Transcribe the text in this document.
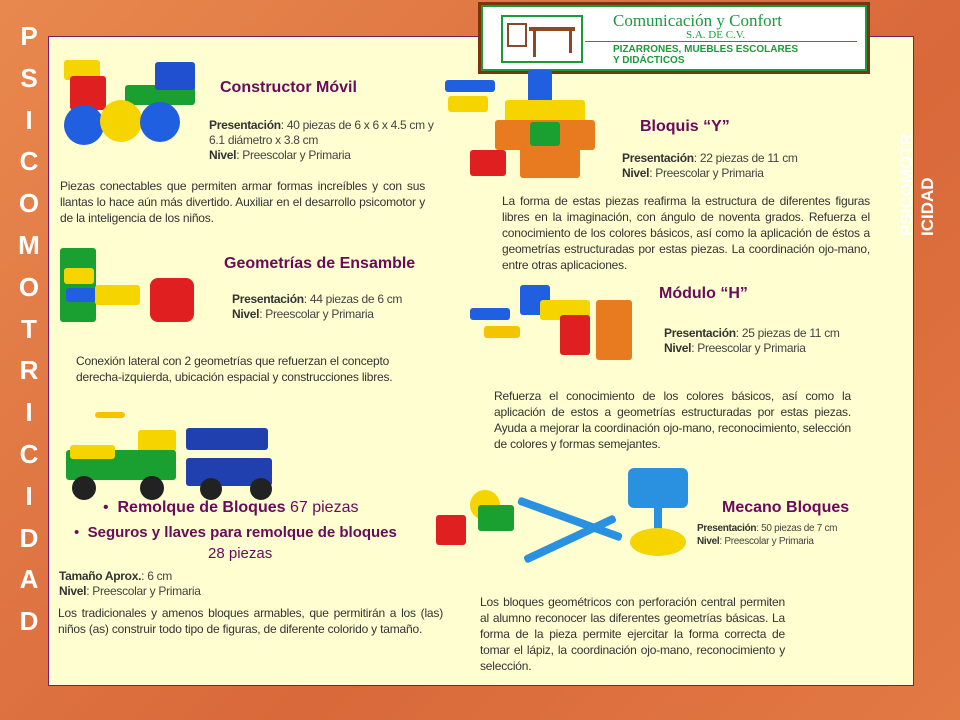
P
S
I
C
O
M
O
T
R
I
C
I
D
A
D
PSICOMOTR ICIDAD
Comunicación y Confort
S.A. DE C.V.
PIZARRONES, MUEBLES ESCOLARES
Y DIDÁCTICOS
Constructor Móvil
Presentación: 40 piezas de 6 x 6 x 4.5 cm y 6.1 diámetro x 3.8 cm
Nivel: Preescolar y Primaria
Piezas conectables que permiten armar formas increíbles y con sus llantas lo hace aún más divertido. Auxiliar en el desarrollo psicomotor y de la inteligencia de los niños.
Geometrías de Ensamble
Presentación: 44 piezas de 6 cm
Nivel: Preescolar y Primaria
Conexión lateral con 2 geometrías que refuerzan el concepto derecha-izquierda, ubicación espacial y construcciones libres.
•  Remolque de Bloques 67 piezas
•  Seguros y llaves para remolque de bloques
28 piezas
Tamaño Aprox.: 6 cm
Nivel: Preescolar y Primaria
Los tradicionales y amenos bloques armables, que permitirán a los (las) niños (as) construir todo tipo de figuras, de diferente colorido y tamaño.
Bloquis “Y”
Presentación: 22 piezas de 11 cm
Nivel: Preescolar y Primaria
La forma de estas piezas reafirma la estructura de diferentes figuras libres en la imaginación, con ángulo de noventa grados. Refuerza el conocimiento de los colores básicos, así como la aplicación de éstos a geometrías estructuradas por estas piezas. La coordinación ojo-mano, entre otras aplicaciones.
Módulo “H”
Presentación: 25 piezas de 11 cm
Nivel: Preescolar y Primaria
Refuerza el conocimiento de los colores básicos, así como la aplicación de estos a geometrías estructuradas por estas piezas. Ayuda a mejorar la coordinación ojo-mano, reconocimiento, selección de colores y formas semejantes.
Mecano Bloques
Presentación: 50 piezas de 7 cm
Nivel: Preescolar y Primaria
Los bloques geométricos con perforación central permiten al alumno reconocer las diferentes geometrías básicas. La forma de la pieza permite ejercitar la forma correcta de tomar el lápiz, la coordinación ojo-mano, reconocimiento y selección.
